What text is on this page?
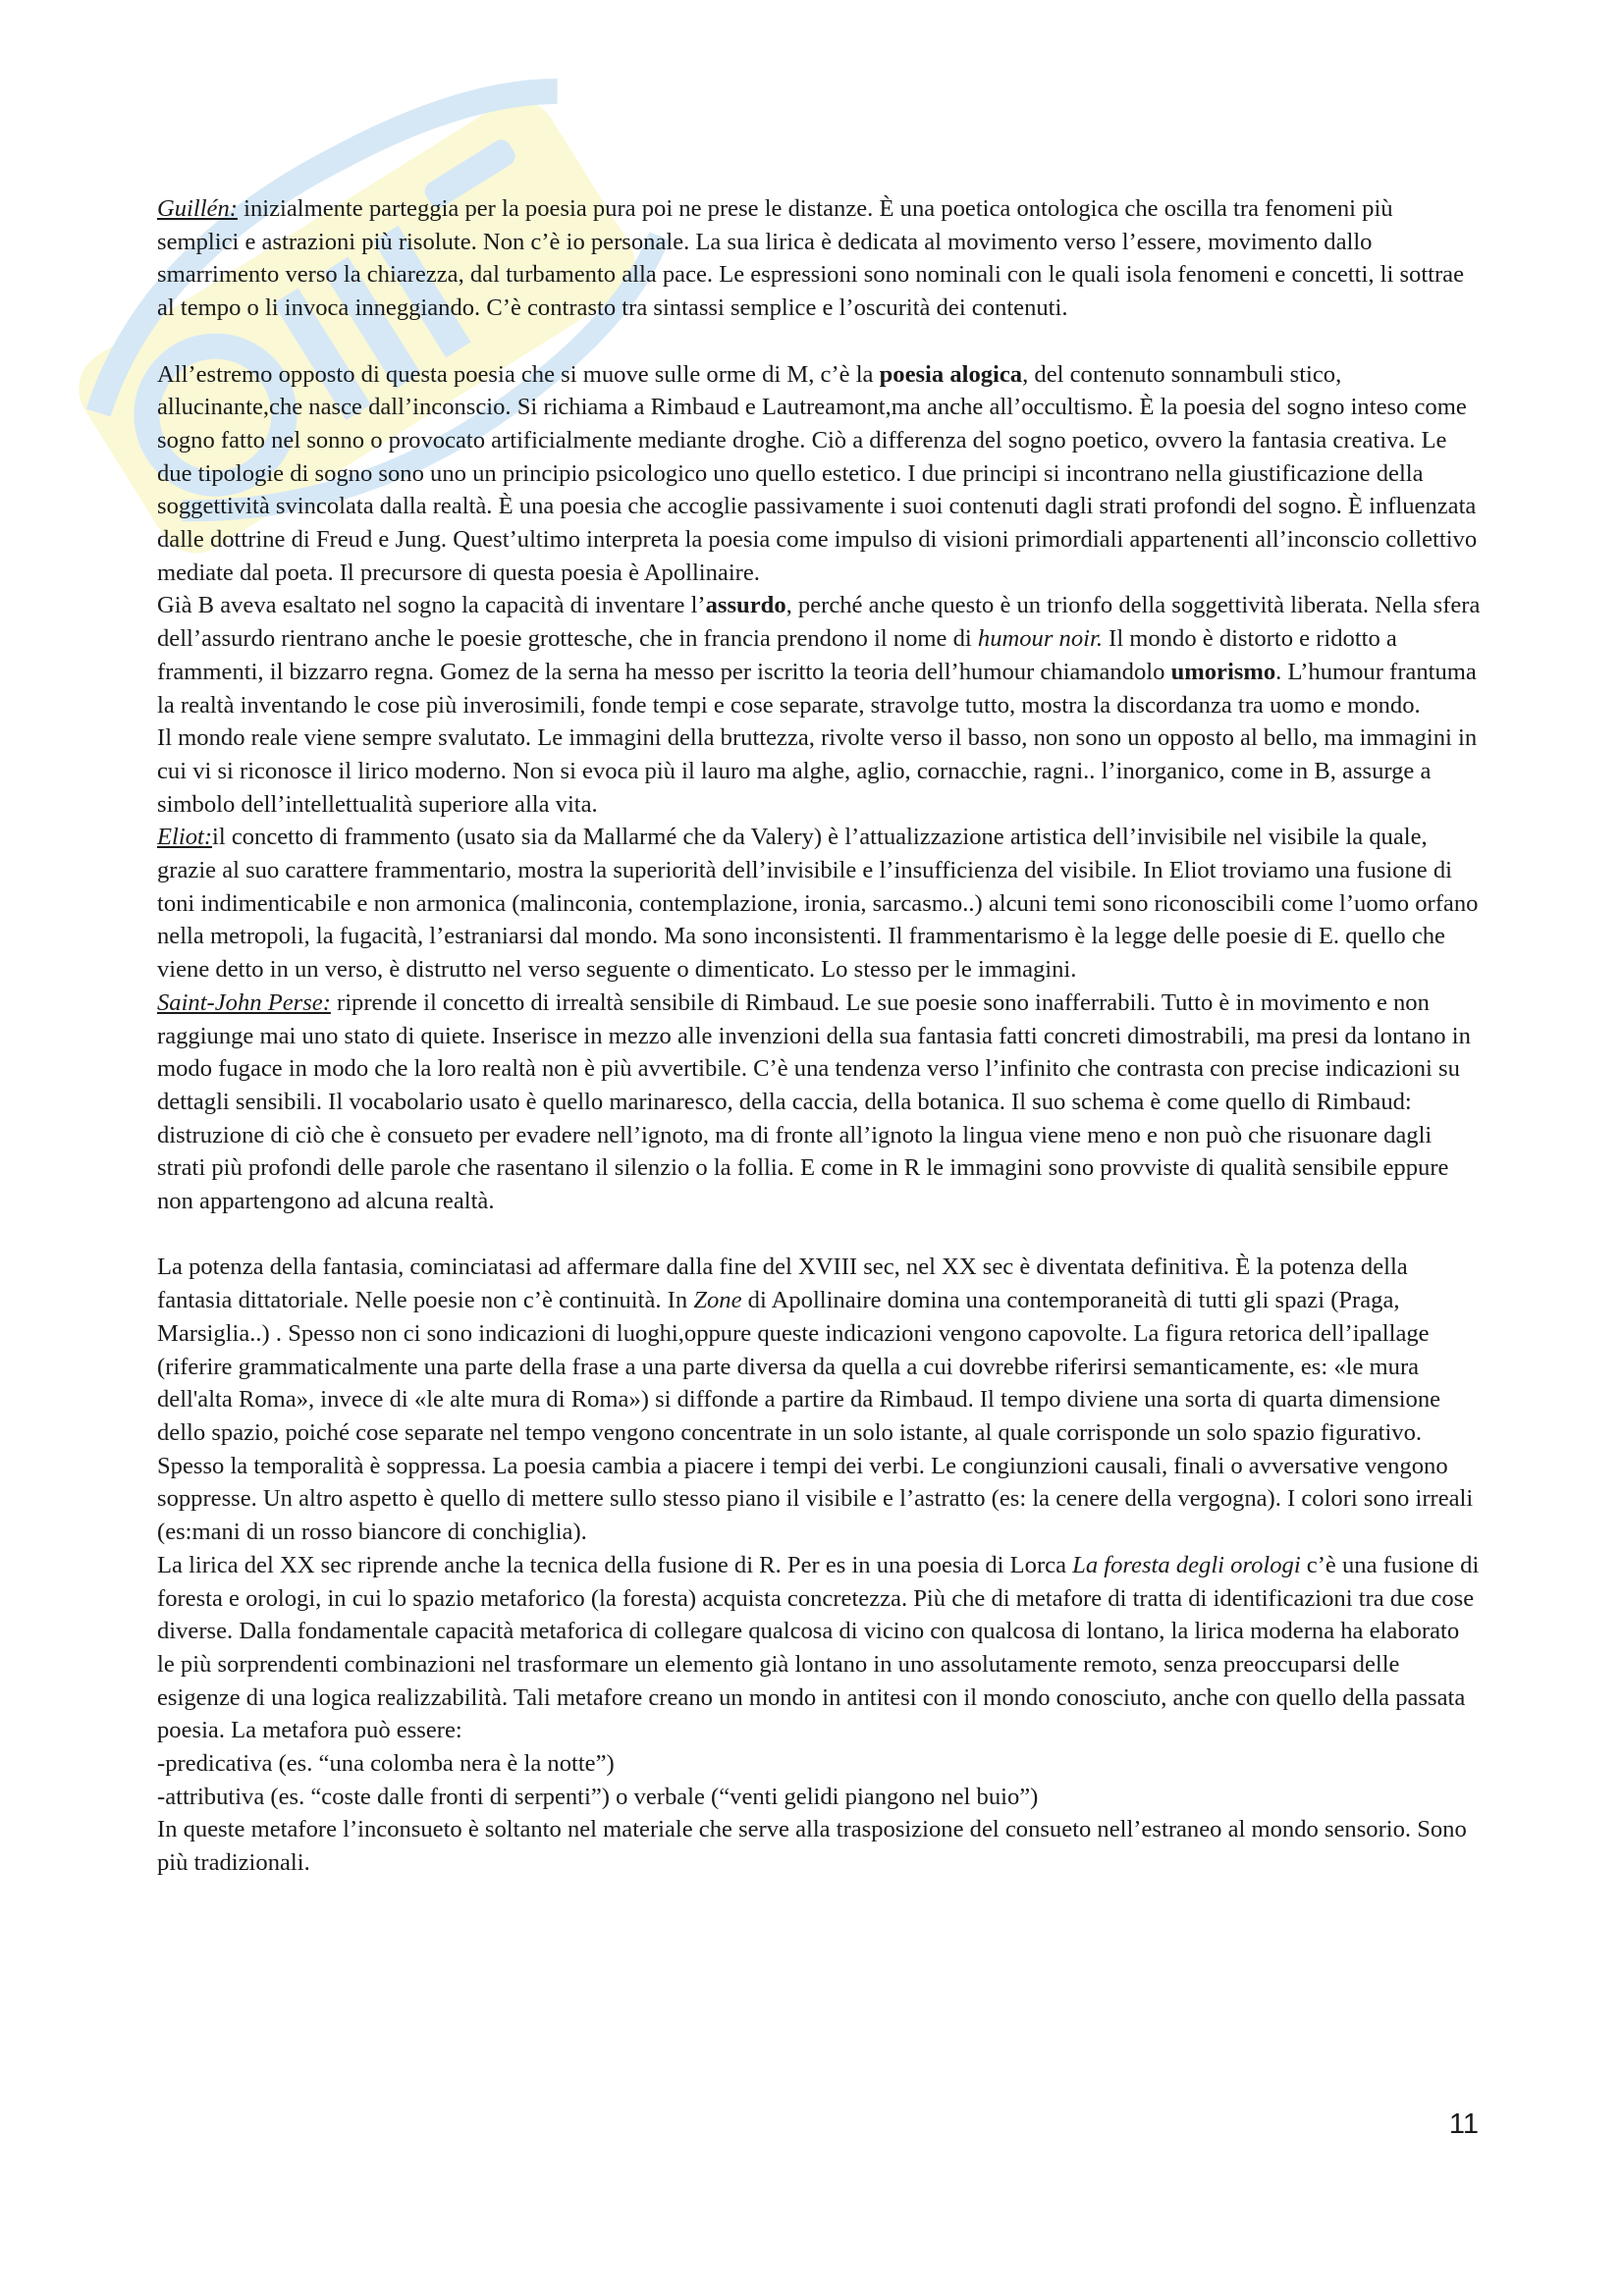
Guillén: inizialmente parteggia per la poesia pura poi ne prese le distanze. È una poetica ontologica che oscilla tra fenomeni più semplici e astrazioni più risolute. Non c’è io personale. La sua lirica è dedicata al movimento verso l’essere, movimento dallo smarrimento verso la chiarezza, dal turbamento alla pace. Le espressioni sono nominali con le quali isola fenomeni e concetti, li sottrae al tempo o li invoca inneggiando. C’è contrasto tra sintassi semplice e l’oscurità dei contenuti.

All’estremo opposto di questa poesia che si muove sulle orme di M, c’è la poesia alogica, del contenuto sonnambuli stico, allucinante,che nasce dall’inconscio. Si richiama a Rimbaud e Lautreamont,ma anche all’occultismo. È la poesia del sogno inteso come sogno fatto nel sonno o provocato artificialmente mediante droghe. Ciò a differenza del sogno poetico, ovvero la fantasia creativa. Le due tipologie di sogno sono uno un principio psicologico uno quello estetico. I due principi si incontrano nella giustificazione della soggettività svincolata dalla realtà. È una poesia che accoglie passivamente i suoi contenuti dagli strati profondi del sogno. È influenzata dalle dottrine di Freud e Jung. Quest’ultimo interpreta la poesia come impulso di visioni primordiali appartenenti all’inconscio collettivo mediate dal poeta. Il precursore di questa poesia è Apollinaire.

Già B aveva esaltato nel sogno la capacità di inventare l’assurdo, perché anche questo è un trionfo della soggettività liberata. Nella sfera dell’assurdo rientrano anche le poesie grottesche, che in francia prendono il nome di humour noir. Il mondo è distorto e ridotto a frammenti, il bizzarro regna. Gomez de la serna ha messo per iscritto la teoria dell’humour chiamandolo umorismo. L’humour frantuma la realtà inventando le cose più inverosimili, fonde tempi e cose separate, stravolge tutto, mostra la discordanza tra uomo e mondo.

Il mondo reale viene sempre svalutato. Le immagini della bruttezza, rivolte verso il basso, non sono un opposto al bello, ma immagini in cui vi si riconosce il lirico moderno. Non si evoca più il lauro ma alghe, aglio, cornacchie, ragni.. l’inorganico, come in B, assurge a simbolo dell’intellettualità superiore alla vita.

Eliot:il concetto di frammento (usato sia da Mallarmé che da Valery) è l’attualizzazione artistica dell’invisibile nel visibile la quale, grazie al suo carattere frammentario, mostra la superiorità dell’invisibile e l’insufficienza del visibile. In Eliot troviamo una fusione di toni indimenticabile e non armonica (malinconia, contemplazione, ironia, sarcasmo..) alcuni temi sono riconoscibili come l’uomo orfano nella metropoli, la fugacità, l’estraniarsi dal mondo. Ma sono inconsistenti. Il frammentarismo è la legge delle poesie di E. quello che viene detto in un verso, è distrutto nel verso seguente o dimenticato. Lo stesso per le immagini.

Saint-John Perse: riprende il concetto di irrealtà sensibile di Rimbaud. Le sue poesie sono inafferrabili. Tutto è in movimento e non raggiunge mai uno stato di quiete. Inserisce in mezzo alle invenzioni della sua fantasia fatti concreti dimostrabili, ma presi da lontano in modo fugace in modo che la loro realtà non è più avvertibile. C’è una tendenza verso l’infinito che contrasta con precise indicazioni su dettagli sensibili. Il vocabolario usato è quello marinaresco, della caccia, della botanica. Il suo schema è come quello di Rimbaud: distruzione di ciò che è consueto per evadere nell’ignoto, ma di fronte all’ignoto la lingua viene meno e non può che risuonare dagli strati più profondi delle parole che rasentano il silenzio o la follia. E come in R le immagini sono provviste di qualità sensibile eppure non appartengono ad alcuna realtà.

La potenza della fantasia, cominciatasi ad affermare dalla fine del XVIII sec, nel XX sec è diventata definitiva. È la potenza della fantasia dittatoriale. Nelle poesie non c’è continuità. In Zone di Apollinaire domina una contemporaneità di tutti gli spazi (Praga, Marsiglia..) . Spesso non ci sono indicazioni di luoghi,oppure queste indicazioni vengono capovolte. La figura retorica dell’ipallage (riferire grammaticalmente una parte della frase a una parte diversa da quella a cui dovrebbe riferirsi semanticamente, es: «le mura dell'alta Roma», invece di «le alte mura di Roma») si diffonde a partire da Rimbaud. Il tempo diviene una sorta di quarta dimensione dello spazio, poiché cose separate nel tempo vengono concentrate in un solo istante, al quale corrisponde un solo spazio figurativo. Spesso la temporalità è soppressa. La poesia cambia a piacere i tempi dei verbi. Le congiunzioni causali, finali o avversative vengono soppresse. Un altro aspetto è quello di mettere sullo stesso piano il visibile e l’astratto (es: la cenere della vergogna). I colori sono irreali (es:mani di un rosso biancore di conchiglia).

La lirica del XX sec riprende anche la tecnica della fusione di R. Per es in una poesia di Lorca La foresta degli orologi c’è una fusione di foresta e orologi, in cui lo spazio metaforico (la foresta) acquista concretezza. Più che di metafore di tratta di identificazioni tra due cose diverse. Dalla fondamentale capacità metaforica di collegare qualcosa di vicino con qualcosa di lontano, la lirica moderna ha elaborato le più sorprendenti combinazioni nel trasformare un elemento già lontano in uno assolutamente remoto, senza preoccuparsi delle esigenze di una logica realizzabilità. Tali metafore creano un mondo in antitesi con il mondo conosciuto, anche con quello della passata poesia. La metafora può essere:

-predicativa (es. “una colomba nera è la notte”)
-attributiva (es. “coste dalle fronti di serpenti”) o verbale (“venti gelidi piangono nel buio”)

In queste metafore l’inconsueto è soltanto nel materiale che serve alla trasposizione del consueto nell’estraneo al mondo sensorio. Sono più tradizionali.

11
